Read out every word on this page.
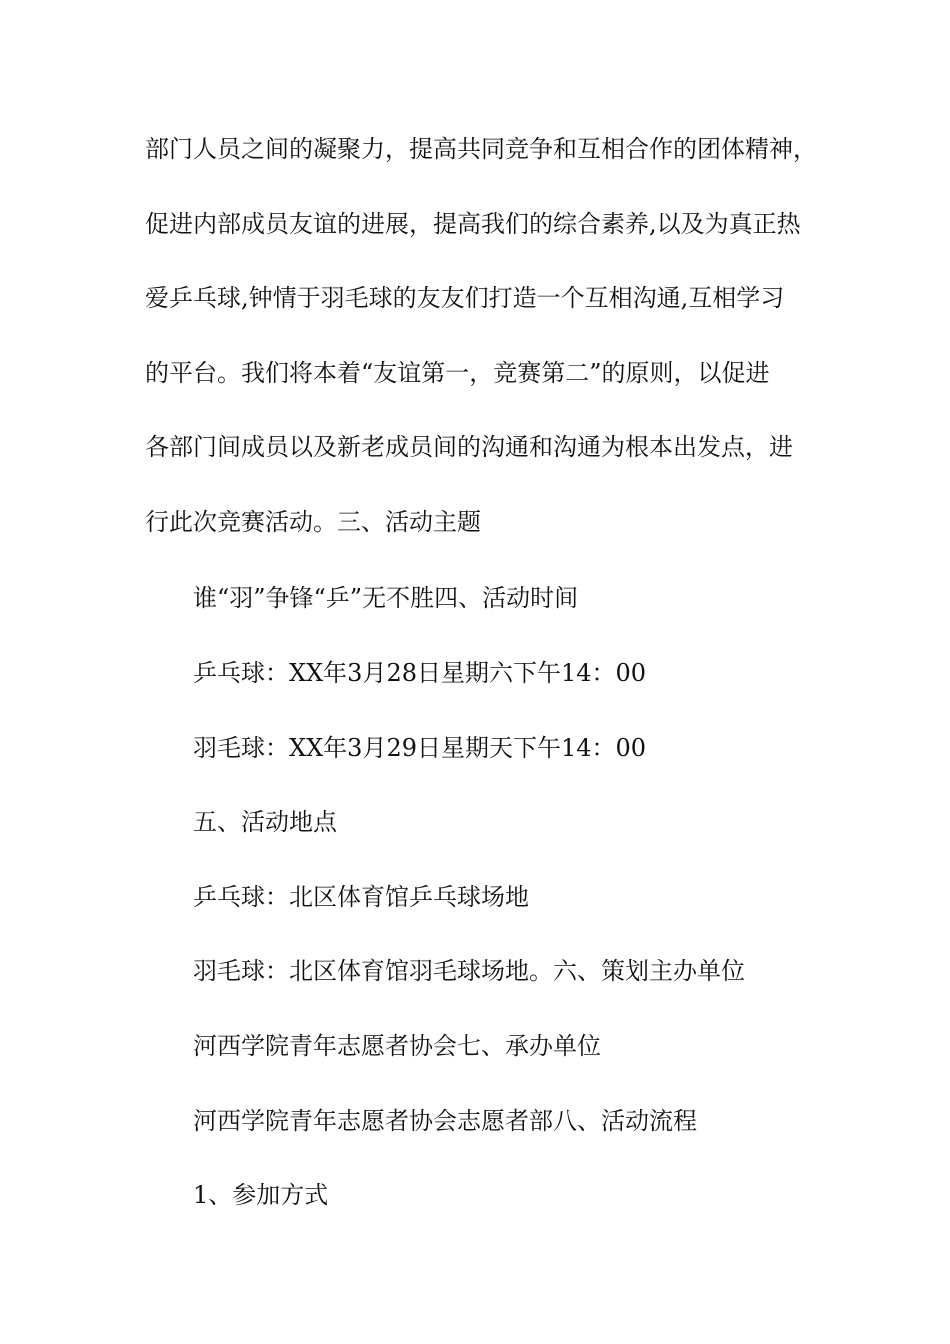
部门人员之间的凝聚力，提高共同竞争和互相合作的团体精神，
促进内部成员友谊的进展，提高我们的综合素养,以及为真正热
爱乒乓球,钟情于羽毛球的友友们打造一个互相沟通,互相学习
的平台。我们将本着“友谊第一，竞赛第二”的原则，以促进
各部门间成员以及新老成员间的沟通和沟通为根本出发点，进
行此次竞赛活动。三、活动主题

谁“羽”争锋“乒”无不胜四、活动时间

乒乓球：XX年3月28日星期六下午14：00

羽毛球：XX年3月29日星期天下午14：00

五、活动地点

乒乓球：北区体育馆乒乓球场地

羽毛球：北区体育馆羽毛球场地。六、策划主办单位

河西学院青年志愿者协会七、承办单位

河西学院青年志愿者协会志愿者部八、活动流程

1、参加方式
